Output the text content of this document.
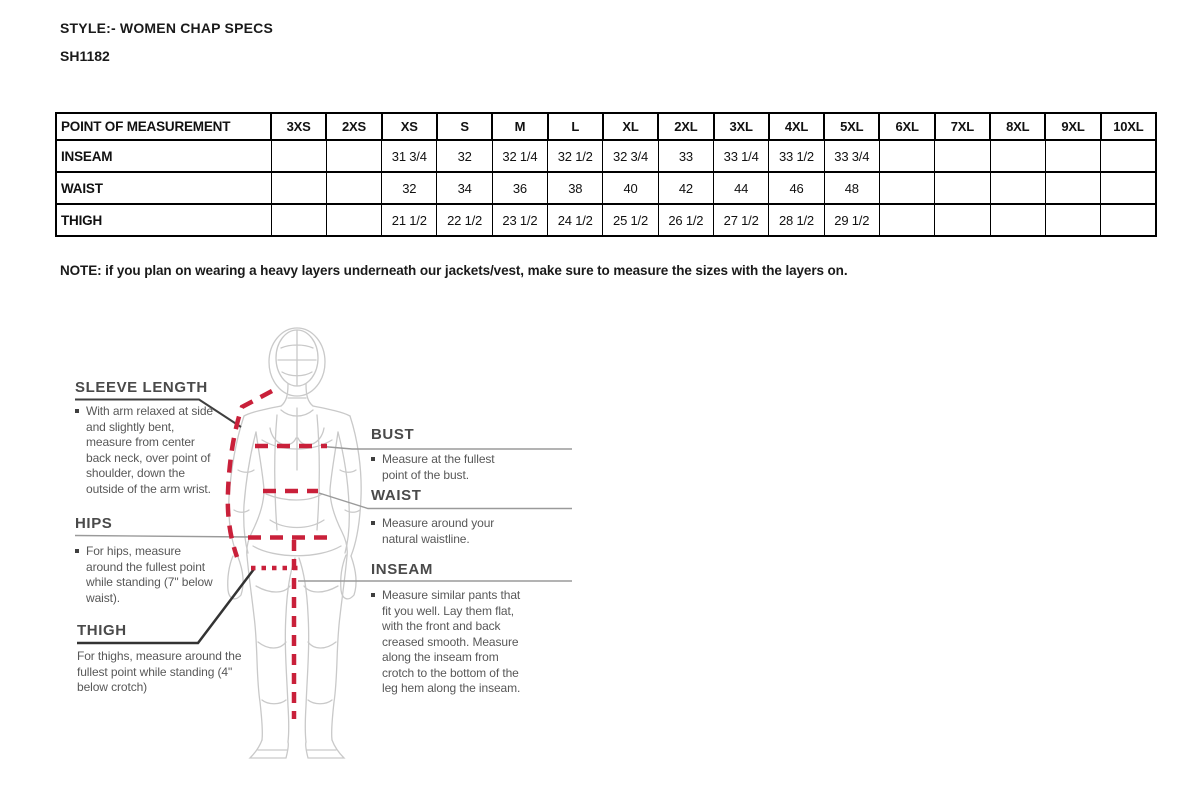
STYLE:- WOMEN CHAP SPECS
SH1182
POINT OF MEASUREMENT	3XS	2XS	XS	S	M	L	XL	2XL	3XL	4XL	5XL	6XL	7XL	8XL	9XL	10XL
INSEAM			31 3/4	32	32 1/4	32 1/2	32 3/4	33	33 1/4	33 1/2	33 3/4					
WAIST			32	34	36	38	40	42	44	46	48					
THIGH			21 1/2	22 1/2	23 1/2	24 1/2	25 1/2	26 1/2	27 1/2	28 1/2	29 1/2					
NOTE: if you plan on wearing a heavy layers underneath our jackets/vest, make sure to measure the sizes with the layers on.
SLEEVE LENGTH
With arm relaxed at side and slightly bent, measure from center back neck, over point of shoulder, down the outside of the arm wrist.
HIPS
For hips, measure around the fullest point while standing (7" below waist).
THIGH
For thighs, measure around the fullest point while standing (4" below crotch)
BUST
Measure at the fullest point of the bust.
WAIST
Measure around your natural waistline.
INSEAM
Measure similar pants that fit you well. Lay them flat, with the front and back creased smooth. Measure along the inseam from crotch to the bottom of the leg hem along the inseam.
